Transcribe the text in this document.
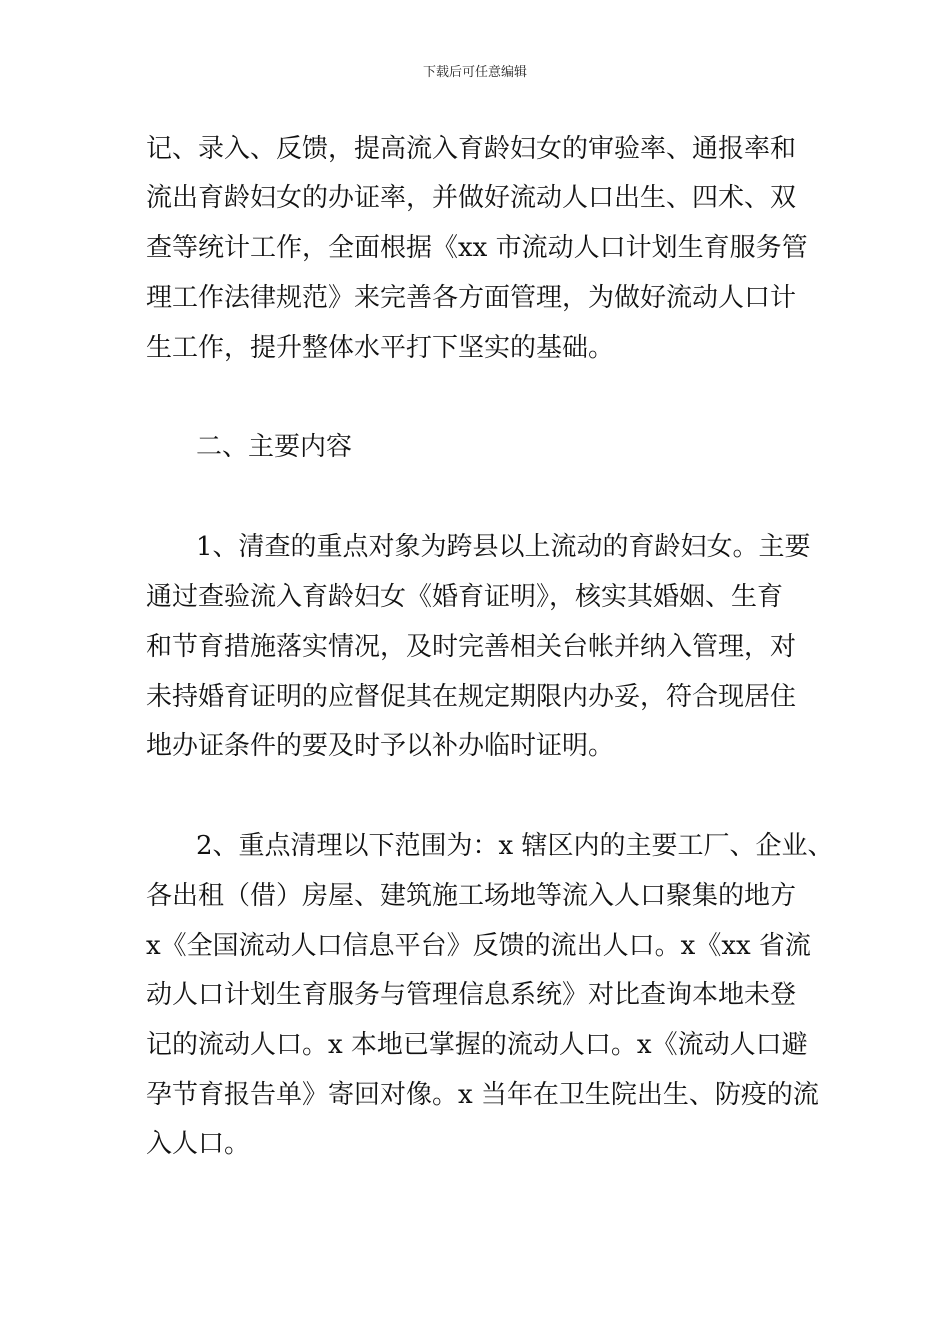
下载后可任意编辑
记、录入、反馈，提高流入育龄妇女的审验率、通报率和
流出育龄妇女的办证率，并做好流动人口出生、四术、双
查等统计工作，全面根据《xx 市流动人口计划生育服务管
理工作法律规范》来完善各方面管理，为做好流动人口计
生工作，提升整体水平打下坚实的基础。
二、主要内容
1、清查的重点对象为跨县以上流动的育龄妇女。主要
通过查验流入育龄妇女《婚育证明》，核实其婚姻、生育
和节育措施落实情况，及时完善相关台帐并纳入管理，对
未持婚育证明的应督促其在规定期限内办妥，符合现居住
地办证条件的要及时予以补办临时证明。
2、重点清理以下范围为：x 辖区内的主要工厂、企业、
各出租（借）房屋、建筑施工场地等流入人口聚集的地方
x《全国流动人口信息平台》反馈的流出人口。x《xx 省流
动人口计划生育服务与管理信息系统》对比查询本地未登
记的流动人口。x 本地已掌握的流动人口。x《流动人口避
孕节育报告单》寄回对像。x 当年在卫生院出生、防疫的流
入人口。
